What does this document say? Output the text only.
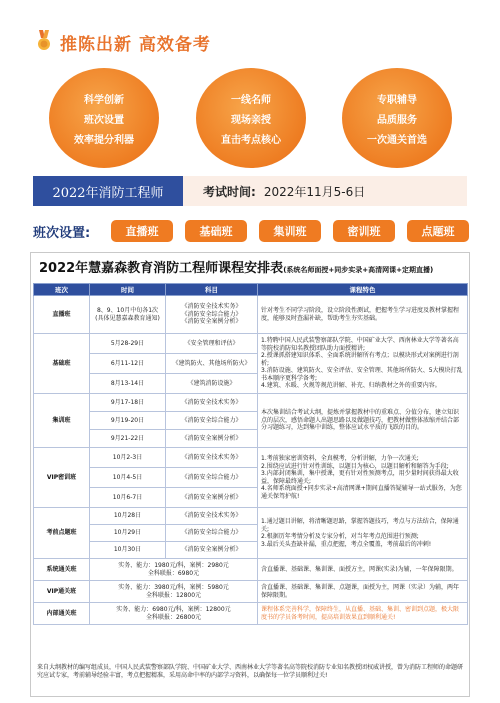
推陈出新 高效备考
科学创新
班次设置
效率提分利器
一线名师
现场亲授
直击考点核心
专职辅导
品质服务
一次通关首选
2022年消防工程师	考试时间: 2022年11月5-6日
班次设置:	直播班	基础班	集训班	密训班	点题班
2022年慧嘉森教育消防工程师课程安排表(系统名师面授+同步实录+高清网课+定期直播)
班次	时间	科目	课程特色
直播班	8、9、10月中旬各1次 (具体见慧嘉森教育通知)	《消防安全技术实务》
《消防安全综合能力》
《消防安全案例分析》	针对考生不同学习阶段，设立阶段性测试，把握考生学习进度及教材掌握程度，能够及时查漏补缺，帮助考生夯实基础。
基础班	5月28-29日	《安全管理和评估》	1.特聘中国人民武装警察部队学院、中国矿业大学、西南林业大学等著名高等院校消防知名教授团队助力面授精讲;
2.授课抓搭建知识体系、全面系统讲解所有考点；以模块形式对案例进行剖析;
3.消防设施、建筑防火、安全评估、安全管理、其他场所防火、5大模块打乱书本顺序更科学备考;
4.建筑、水暖、火规等规范讲解、补充、归纳教材之外的重要内容。
	6月11-12日	《建筑防火、其他场所防火》	
	8月13-14日	《建筑消防设施》	
集训班	9月17-18日	《消防安全技术实务》	本次集训结合考试大纲，提炼并掌握教材中的重难点、分值分布，建立知识点的层次，感悟命题人出题思路以及做题技巧，把教材做整体浓缩并结合部分习题练习，达到集中训练，整体应试水平质的飞跃的目的。
	9月19-20日	《消防安全综合能力》	
	9月21-22日	《消防安全案例分析》	
VIP密训班	10月2-3日	《消防安全技术实务》	1.考前独家密训资料，全真模考，分析讲解，力争一次通关;
2.围绕应试进行针对性训练，以题目为核心，以题目解析和解答为手段;
3.内部封闭集训，集中授课，更有针对性预测考点，用少量时间获得最大收益，保障最终通关;
4.名师系统面授+同步实录+高清网课+期间直播答疑辅导一站式服务，为您通关保驾护航!
	10月4-5日	《消防安全综合能力》	
	10月6-7日	《消防安全案例分析》	
考前点题班	10月28日	《消防安全技术实务》	1.通过题目讲解，将清晰题思路，掌握答题技巧，考点与方法结合，保障通关;
2.根据历年考情分析及专家分析，对当年考点范围进行预测;
3.最后关头查缺补漏，重点把握，考点全覆盖，考前最后的冲刺!
	10月29日	《消防安全综合能力》	
	10月30日	《消防安全案例分析》	
系统通关班	实务、能力：1980元/科，案例：2980元
全科联报：6980元		含直播课、基础课、集训课、面授方主，网课(实录)为辅，一年保障限期。
VIP通关班	实务、能力：3980元/科，案例：5980元
全科联报：12800元		含直播课、基础课、集训课、点题课，面授为主，网课（实录）为辅，两年保障限期。
内部通关班	实务、能力：6980元/科，案例：12800元
全科联报：26800元		课程体系完善科学，保障终生，从直播、基础、集训、密训到点题，极大限度书的学员备考时间，提高培训效果直到顺利通关!
来自大纲教材的编写组成员，中国人民武装警察部队学院、中国矿业大学、西南林业大学等著名高等院校消防专业知名教授团权威讲授，曾为消防工程师的命题研究应试专家，考前辅导经验丰富，考点把握精准，采用高命中率的内部学习资料，以确保每一位学员顺利过关!
